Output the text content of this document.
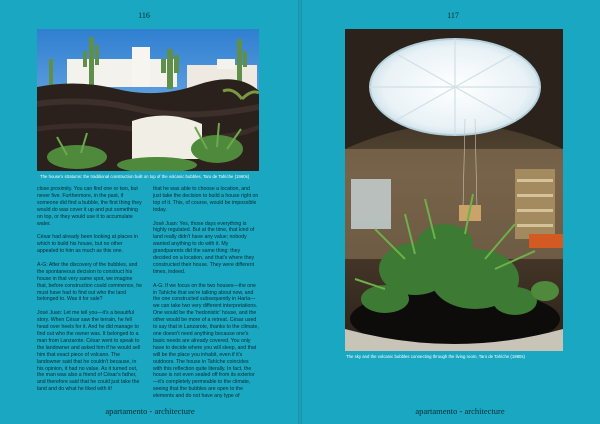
116
The house's stratums: the traditional construction built on top of the volcanic bubbles, Taro de Tahíche (1960s)

close proximity. You can find one or two, but never five. Furthermore, in the past, if someone did find a bubble, the first thing they would do was cover it up and put something on top, or they would use it to accumulate water.

César had already been looking at places in which to build his house, but no other appealed to him as much as this one.

A-G: After the discovery of the bubbles, and the spontaneous decision to construct his house in that very same spot, we imagine that, before construction could commence, he must have had to find out who the land belonged to. Was it for sale?

José Juan: Let me tell you—it's a beautiful story. When César saw the terrain, he fell head over heels for it. And he did manage to find out who the owner was. It belonged to a man from Lanzarote. César went to speak to the landowner and asked him if he would sell him that exact piece of volcano. The landowner said that he couldn't because, in his opinion, it had no value. As it turned out, the man was also a friend of César's father, and therefore said that he could just take the land and do what he liked with it!

that he was able to choose a location, and just take the decision to build a house right on top of it. This, of course, would be impossible today.

José Juan: Yes, those days everything is highly regulated. But at the time, that kind of land really didn't have any value; nobody wanted anything to do with it. My grandparents did the same thing: they decided on a location, and that's where they constructed their house. They were different times, indeed.

A-G: If we focus on the two houses—the one in Tahíche that we're talking about now, and the one constructed subsequently in Haría—we can take two very different interpretations. One would be the 'hedonistic' house, and the other would be more of a retreat. César used to say that in Lanzarote, thanks to the climate, one doesn't need anything because one's basic needs are already covered. You only have to decide where you will sleep, and that will be the place you inhabit, even if it's outdoors. The house in Tahíche coincides with this reflection quite literally. In fact, the house is not even sealed off from its exterior—it's completely permeable to the climate, seeing that the bubbles are open to the elements and do not have any type of

apartamento - architecture
117
The sky and the volcanic bubbles connecting through the living room, Taro de Tahíche (1980s)
apartamento - architecture
